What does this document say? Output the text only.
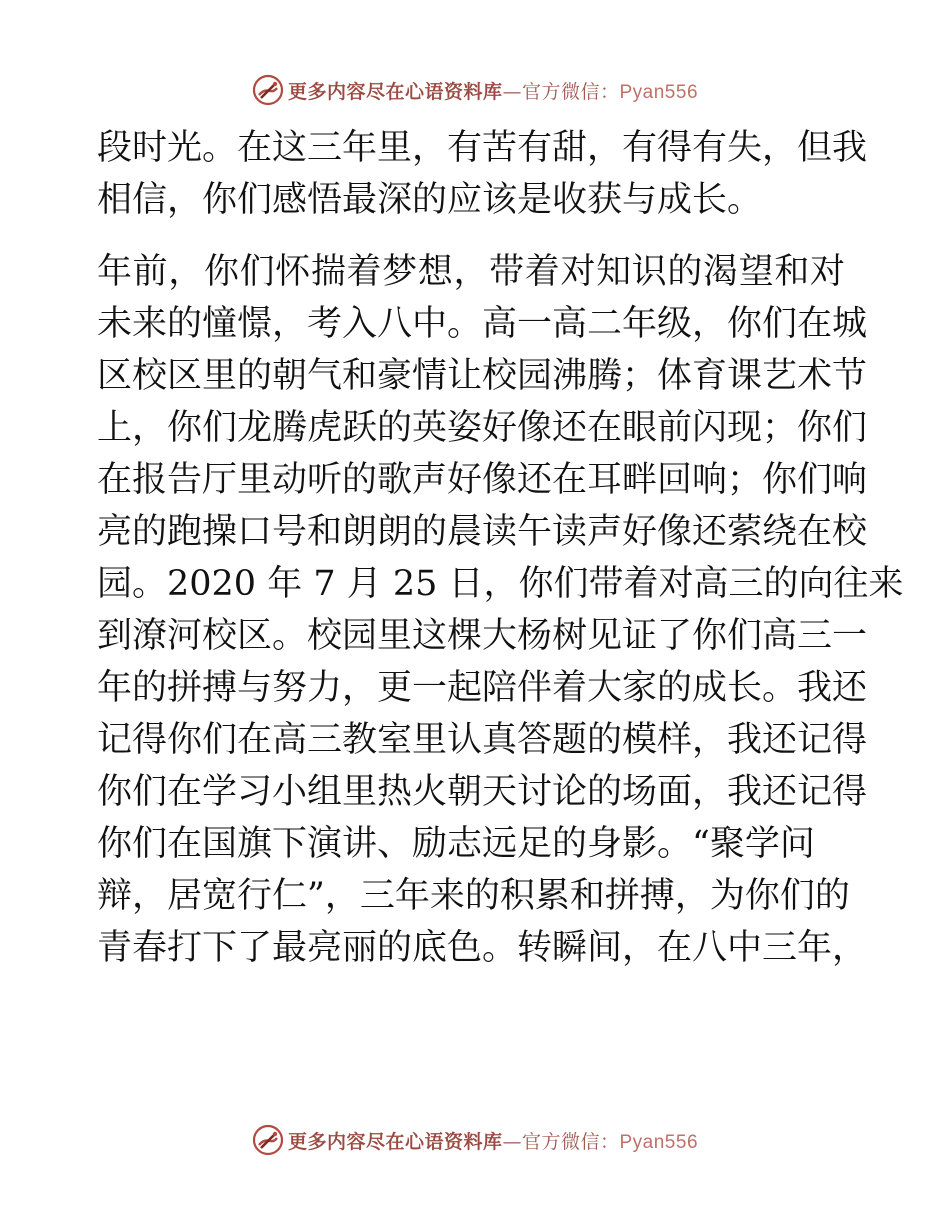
更多内容尽在心语资料库—官方微信：Pyan556
段时光。在这三年里，有苦有甜，有得有失，但我
相信，你们感悟最深的应该是收获与成长。
年前，你们怀揣着梦想，带着对知识的渴望和对
未来的憧憬，考入八中。高一高二年级，你们在城
区校区里的朝气和豪情让校园沸腾；体育课艺术节
上，你们龙腾虎跃的英姿好像还在眼前闪现；你们
在报告厅里动听的歌声好像还在耳畔回响；你们响
亮的跑操口号和朗朗的晨读午读声好像还萦绕在校
园。2020 年 7 月 25 日，你们带着对高三的向往来
到潦河校区。校园里这棵大杨树见证了你们高三一
年的拼搏与努力，更一起陪伴着大家的成长。我还
记得你们在高三教室里认真答题的模样，我还记得
你们在学习小组里热火朝天讨论的场面，我还记得
你们在国旗下演讲、励志远足的身影。“聚学问
辩，居宽行仁”，三年来的积累和拼搏，为你们的
青春打下了最亮丽的底色。转瞬间，在八中三年，
更多内容尽在心语资料库—官方微信：Pyan556
